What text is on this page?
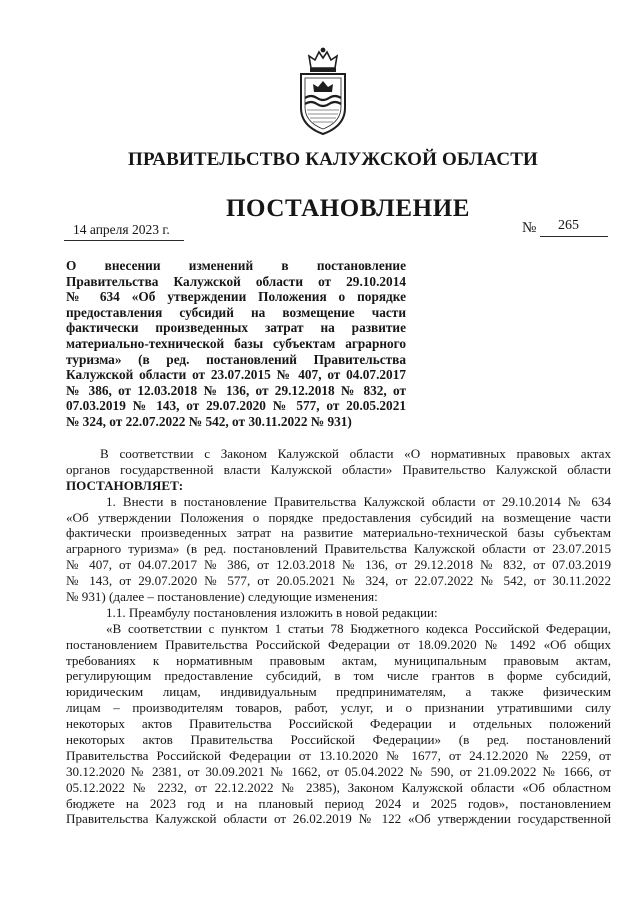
ПРАВИТЕЛЬСТВО КАЛУЖСКОЙ ОБЛАСТИ
ПОСТАНОВЛЕНИЕ
14 апреля 2023 г.	№ 265
О внесении изменений в постановление
Правительства Калужской области от 29.10.2014
№ 634 «Об утверждении Положения о порядке
предоставления субсидий на возмещение части
фактически произведенных затрат на развитие
материально-технической базы субъектам аграрного
туризма» (в ред. постановлений Правительства
Калужской области от 23.07.2015 № 407, от 04.07.2017
№ 386, от 12.03.2018 № 136, от 29.12.2018 № 832, от
07.03.2019 № 143, от 29.07.2020 № 577, от 20.05.2021
№ 324, от 22.07.2022 № 542, от 30.11.2022 № 931)
В соответствии с Законом Калужской области «О нормативных правовых актах
органов государственной власти Калужской области» Правительство Калужской области
ПОСТАНОВЛЯЕТ:
1. Внести в постановление Правительства Калужской области от 29.10.2014 № 634
«Об утверждении Положения о порядке предоставления субсидий на возмещение части
фактически произведенных затрат на развитие материально-технической базы субъектам
аграрного туризма» (в ред. постановлений Правительства Калужской области от 23.07.2015
№ 407, от 04.07.2017 № 386, от 12.03.2018 № 136, от 29.12.2018 № 832, от 07.03.2019
№ 143, от 29.07.2020 № 577, от 20.05.2021 № 324, от 22.07.2022 № 542, от 30.11.2022
№ 931) (далее – постановление) следующие изменения:
1.1. Преамбулу постановления изложить в новой редакции:
«В соответствии с пунктом 1 статьи 78 Бюджетного кодекса Российской Федерации,
постановлением Правительства Российской Федерации от 18.09.2020 № 1492 «Об общих
требованиях к нормативным правовым актам, муниципальным правовым актам,
регулирующим предоставление субсидий, в том числе грантов в форме субсидий,
юридическим лицам, индивидуальным предпринимателям, а также физическим
лицам – производителям товаров, работ, услуг, и о признании утратившими силу
некоторых актов Правительства Российской Федерации и отдельных положений
некоторых актов Правительства Российской Федерации» (в ред. постановлений
Правительства Российской Федерации от 13.10.2020 № 1677, от 24.12.2020 № 2259, от
30.12.2020 № 2381, от 30.09.2021 № 1662, от 05.04.2022 № 590, от 21.09.2022 № 1666, от
05.12.2022 № 2232, от 22.12.2022 № 2385), Законом Калужской области «Об областном
бюджете на 2023 год и на плановый период 2024 и 2025 годов», постановлением
Правительства Калужской области от 26.02.2019 № 122 «Об утверждении государственной
